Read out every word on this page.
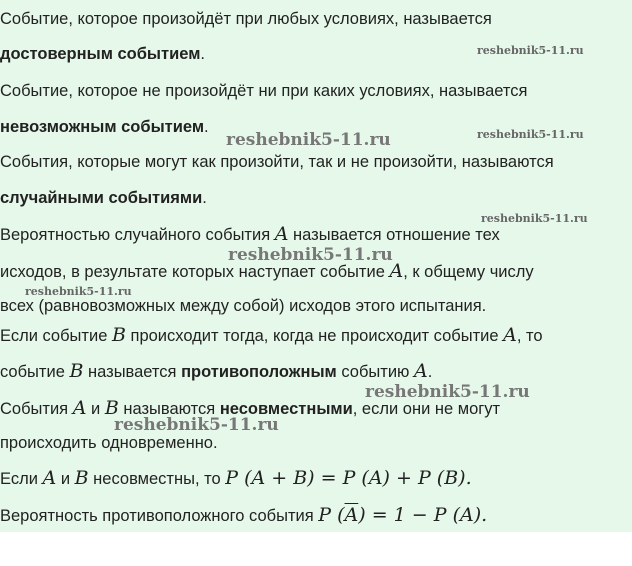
Событие, которое произойдёт при любых условиях, называется
достоверным событием.
Событие, которое не произойдёт ни при каких условиях, называется
невозможным событием.
События, которые могут как произойти, так и не произойти, называются
случайными событиями.
Вероятностью случайного события A называется отношение тех
исходов, в результате которых наступает событие A, к общему числу
всех (равновозможных между собой) исходов этого испытания.
Если событие B происходит тогда, когда не происходит событие A, то
событие B называется противоположным событию A.
События A и B называются несовместными, если они не могут
происходить одновременно.
Если A и B несовместны, то P (A + B) = P (A) + P (B).
Вероятность противоположного события P $(\overline{A}) = 1 - P$ (A).
reshebnik5-11.ru
reshebnik5-11.ru	reshebnik5-11.ru
reshebnik5-11.ru
reshebnik5-11.ru
reshebnik5-11.ru
reshebnik5-11.ru
reshebnik5-11.ru
